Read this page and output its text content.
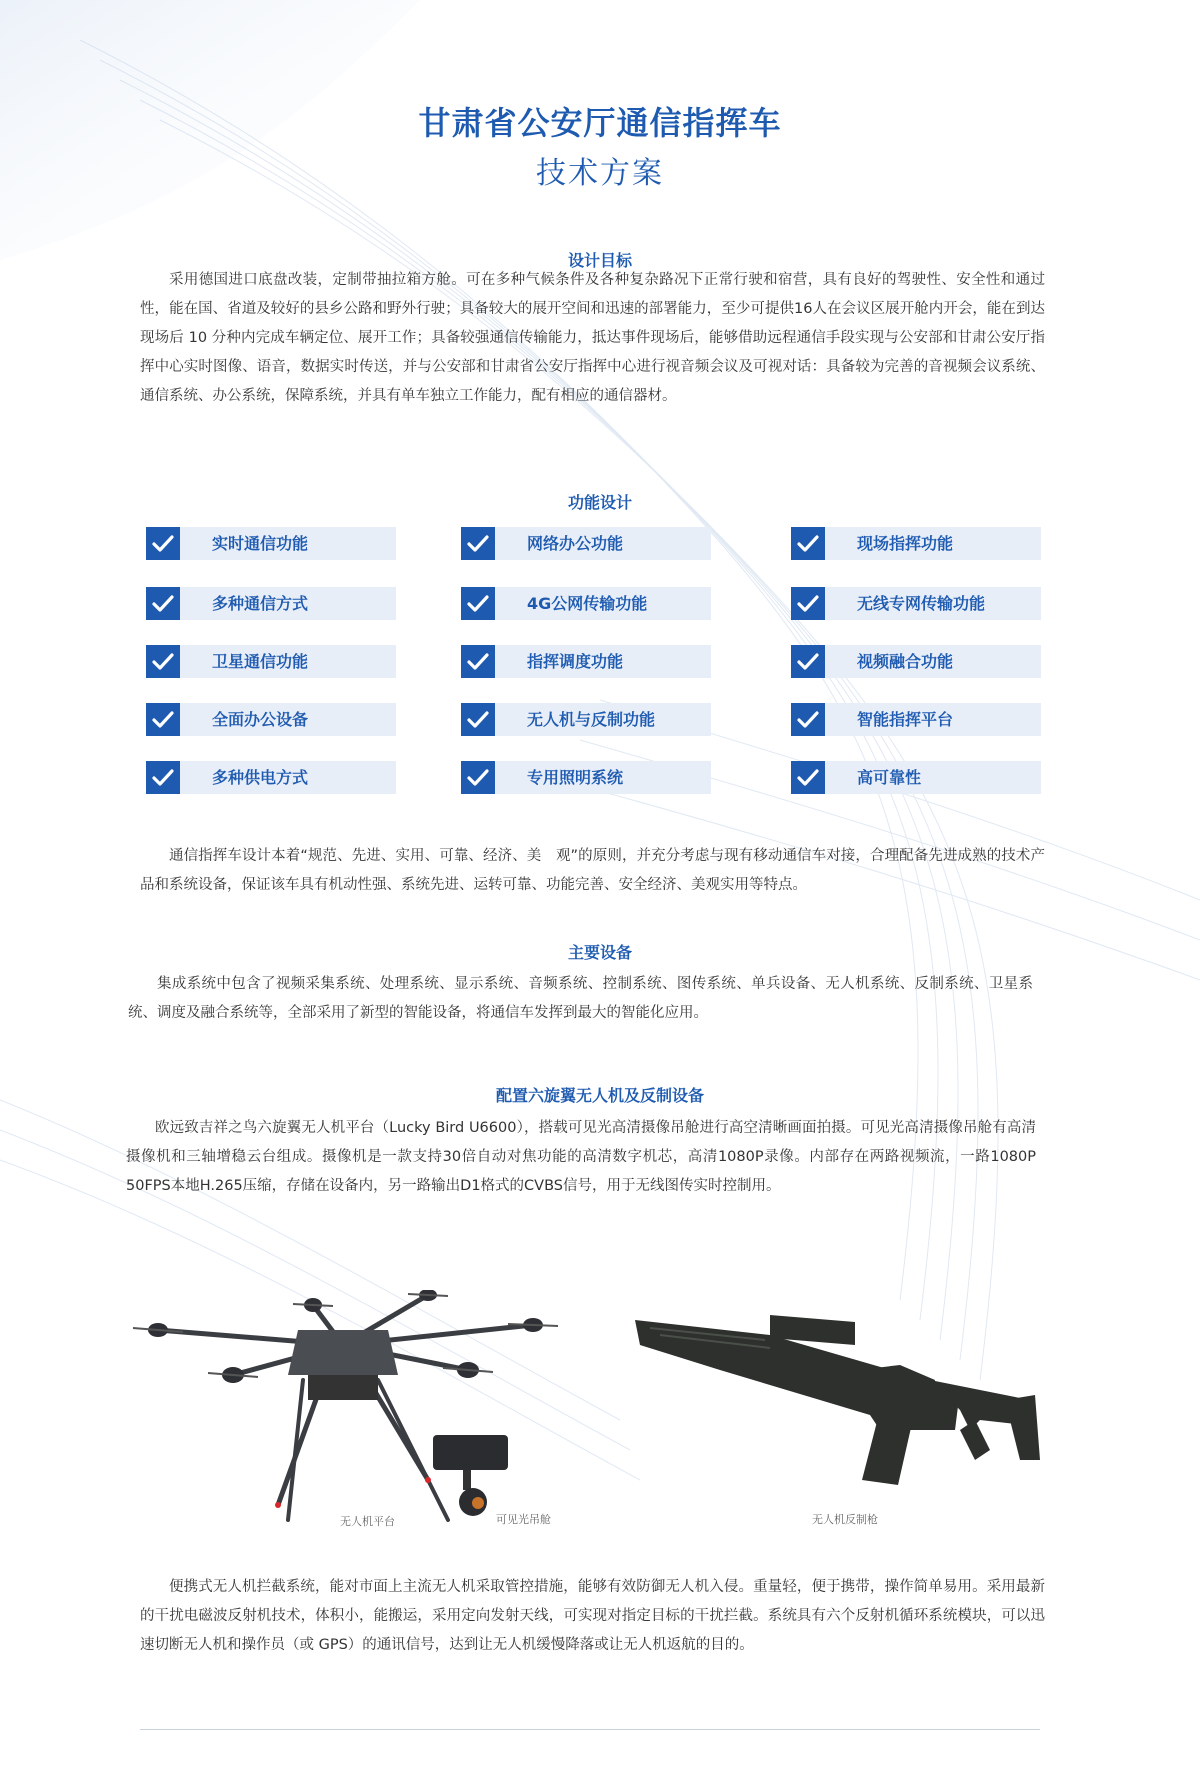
甘肃省公安厅通信指挥车
技术方案
设计目标

采用德国进口底盘改装，定制带抽拉箱方舱。可在多种气候条件及各种复杂路况下正常行驶和宿营，具有良好的驾驶性、安全性和通过性，能在国、省道及较好的县乡公路和野外行驶；具备较大的展开空间和迅速的部署能力，至少可提供16人在会议区展开舱内开会，能在到达现场后 10 分种内完成车辆定位、展开工作；具备较强通信传输能力，抵达事件现场后，能够借助远程通信手段实现与公安部和甘肃公安厅指挥中心实时图像、语音，数据实时传送，并与公安部和甘肃省公安厅指挥中心进行视音频会议及可视对话：具备较为完善的音视频会议系统、通信系统、办公系统，保障系统，并具有单车独立工作能力，配有相应的通信器材。

功能设计
实时通信功能	网络办公功能	现场指挥功能
多种通信方式	4G公网传输功能	无线专网传输功能
卫星通信功能	指挥调度功能	视频融合功能
全面办公设备	无人机与反制功能	智能指挥平台
多种供电方式	专用照明系统	高可靠性

通信指挥车设计本着“规范、先进、实用、可靠、经济、美　观”的原则，并充分考虑与现有移动通信车对接，合理配备先进成熟的技术产品和系统设备，保证该车具有机动性强、系统先进、运转可靠、功能完善、安全经济、美观实用等特点。

主要设备

集成系统中包含了视频采集系统、处理系统、显示系统、音频系统、控制系统、图传系统、单兵设备、无人机系统、反制系统、卫星系统、调度及融合系统等，全部采用了新型的智能设备，将通信车发挥到最大的智能化应用。

配置六旋翼无人机及反制设备

欧远致吉祥之鸟六旋翼无人机平台（Lucky Bird U6600），搭载可见光高清摄像吊舱进行高空清晰画面拍摄。可见光高清摄像吊舱有高清摄像机和三轴增稳云台组成。摄像机是一款支持30倍自动对焦功能的高清数字机芯，高清1080P录像。内部存在两路视频流，一路1080P 50FPS本地H.265压缩，存储在设备内，另一路输出D1格式的CVBS信号，用于无线图传实时控制用。

无人机平台	可见光吊舱	无人机反制枪

便携式无人机拦截系统，能对市面上主流无人机采取管控措施，能够有效防御无人机入侵。重量轻，便于携带，操作简单易用。采用最新的干扰电磁波反射机技术，体积小，能搬运，采用定向发射天线，可实现对指定目标的干扰拦截。系统具有六个反射机循环系统模块，可以迅速切断无人机和操作员（或 GPS）的通讯信号，达到让无人机缓慢降落或让无人机返航的目的。
